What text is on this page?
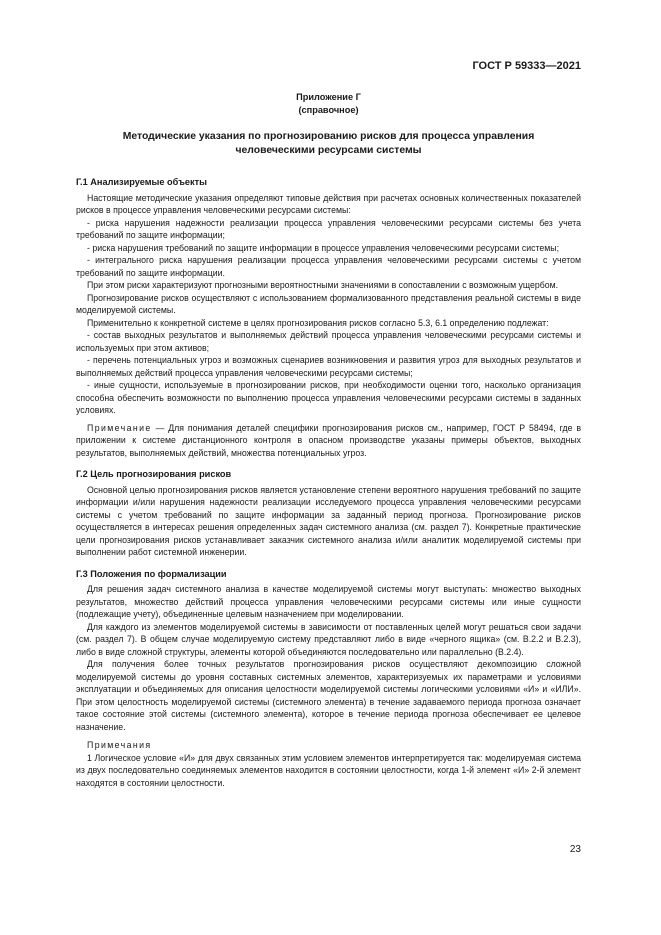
ГОСТ Р 59333—2021
Приложение Г
(справочное)
Методические указания по прогнозированию рисков для процесса управления
человеческими ресурсами системы
Г.1 Анализируемые объекты

Настоящие методические указания определяют типовые действия при расчетах основных количественных показателей рисков в процессе управления человеческими ресурсами системы:

- риска нарушения надежности реализации процесса управления человеческими ресурсами системы без учета требований по защите информации;

- риска нарушения требований по защите информации в процессе управления человеческими ресурсами системы;

- интегрального риска нарушения реализации процесса управления человеческими ресурсами системы с учетом требований по защите информации.

При этом риски характеризуют прогнозными вероятностными значениями в сопоставлении с возможным ущербом.

Прогнозирование рисков осуществляют с использованием формализованного представления реальной системы в виде моделируемой системы.

Применительно к конкретной системе в целях прогнозирования рисков согласно 5.3, 6.1 определению подлежат:

- состав выходных результатов и выполняемых действий процесса управления человеческими ресурсами системы и используемых при этом активов;

- перечень потенциальных угроз и возможных сценариев возникновения и развития угроз для выходных результатов и выполняемых действий процесса управления человеческими ресурсами системы;

- иные сущности, используемые в прогнозировании рисков, при необходимости оценки того, насколько организация способна обеспечить возможности по выполнению процесса управления человеческими ресурсами системы в заданных условиях.

Примечание — Для понимания деталей специфики прогнозирования рисков см., например, ГОСТ Р 58494, где в приложении к системе дистанционного контроля в опасном производстве указаны примеры объектов, выходных результатов, выполняемых действий, множества потенциальных угроз.

Г.2 Цель прогнозирования рисков

Основной целью прогнозирования рисков является установление степени вероятного нарушения требований по защите информации и/или нарушения надежности реализации исследуемого процесса управления человеческими ресурсами системы с учетом требований по защите информации за заданный период прогноза. Прогнозирование рисков осуществляется в интересах решения определенных задач системного анализа (см. раздел 7). Конкретные практические цели прогнозирования рисков устанавливает заказчик системного анализа и/или аналитик моделируемой системы при выполнении работ системной инженерии.

Г.3 Положения по формализации

Для решения задач системного анализа в качестве моделируемой системы могут выступать: множество выходных результатов, множество действий процесса управления человеческими ресурсами системы или иные сущности (подлежащие учету), объединенные целевым назначением при моделировании.

Для каждого из элементов моделируемой системы в зависимости от поставленных целей могут решаться свои задачи (см. раздел 7). В общем случае моделируемую систему представляют либо в виде «черного ящика» (см. В.2.2 и В.2.3), либо в виде сложной структуры, элементы которой объединяются последовательно или параллельно (В.2.4).

Для получения более точных результатов прогнозирования рисков осуществляют декомпозицию сложной моделируемой системы до уровня составных системных элементов, характеризуемых их параметрами и условиями эксплуатации и объединяемых для описания целостности моделируемой системы логическими условиями «И» и «ИЛИ». При этом целостность моделируемой системы (системного элемента) в течение задаваемого периода прогноза означает такое состояние этой системы (системного элемента), которое в течение периода прогноза обеспечивает ее целевое назначение.

Примечания

1 Логическое условие «И» для двух связанных этим условием элементов интерпретируется так: моделируемая система из двух последовательно соединяемых элементов находится в состоянии целостности, когда 1-й элемент «И» 2-й элемент находятся в состоянии целостности.

23
